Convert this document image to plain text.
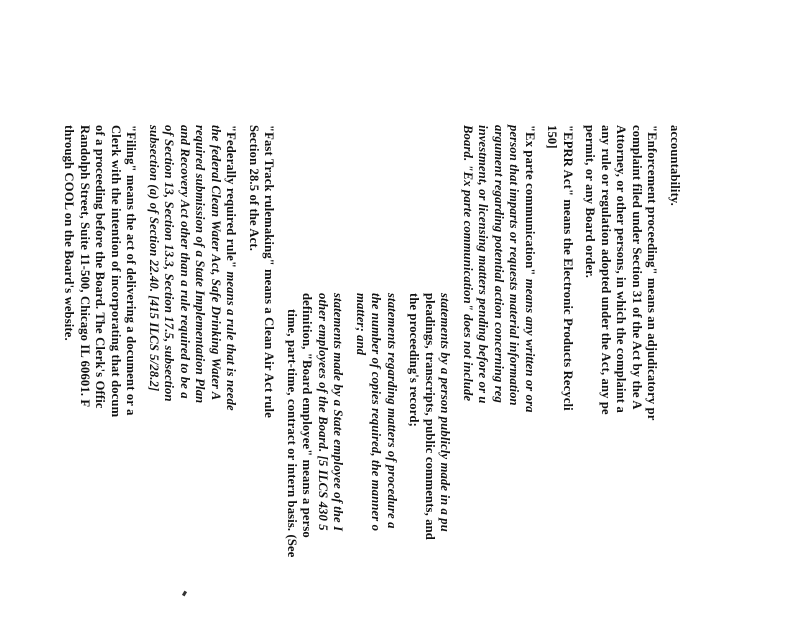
accountability.
"Enforcement proceeding" means an adjudicatory pr
complaint filed under Section 31 of the Act by the A
Attorney, or other persons, in which the complaint a
any rule or regulation adopted under the Act, any pe
permit, or any Board order.
"EPRR Act" means the Electronic Products Recycli
150]
"Ex parte communication" means any written or ora
person that imparts or requests material information
argument regarding potential action concerning reg
investment, or licensing matters pending before or u
Board. "Ex parte communication" does not include
statements by a person publicly made in a pu
pleadings, transcripts, public comments, and
the proceeding's record;
statements regarding matters of procedure a
the number of copies required, the manner o
matter; and
statements made by a State employee of the I
other employees of the Board. [5 ILCS 430 5
definition, "Board employee" means a perso
time, part-time, contract or intern basis. (See
"Fast Track rulemaking" means a Clean Air Act rule
Section 28.5 of the Act.
"Federally required rule" means a rule that is neede
the federal Clean Water Act, Safe Drinking Water A
required submission of a State Implementation Plan
and Recovery Act other than a rule required to be a
of Section 13, Section 13.3, Section 17.5, subsection
subsection (a) of Section 22.40. [415 ILCS 5/28.2]
"Filing" means the act of delivering a document or a
Clerk with the intention of incorporating that docum
of a proceeding before the Board. The Clerk's Offic
Randolph Street, Suite 11-500, Chicago IL 60601. F
through COOL on the Board's website.
